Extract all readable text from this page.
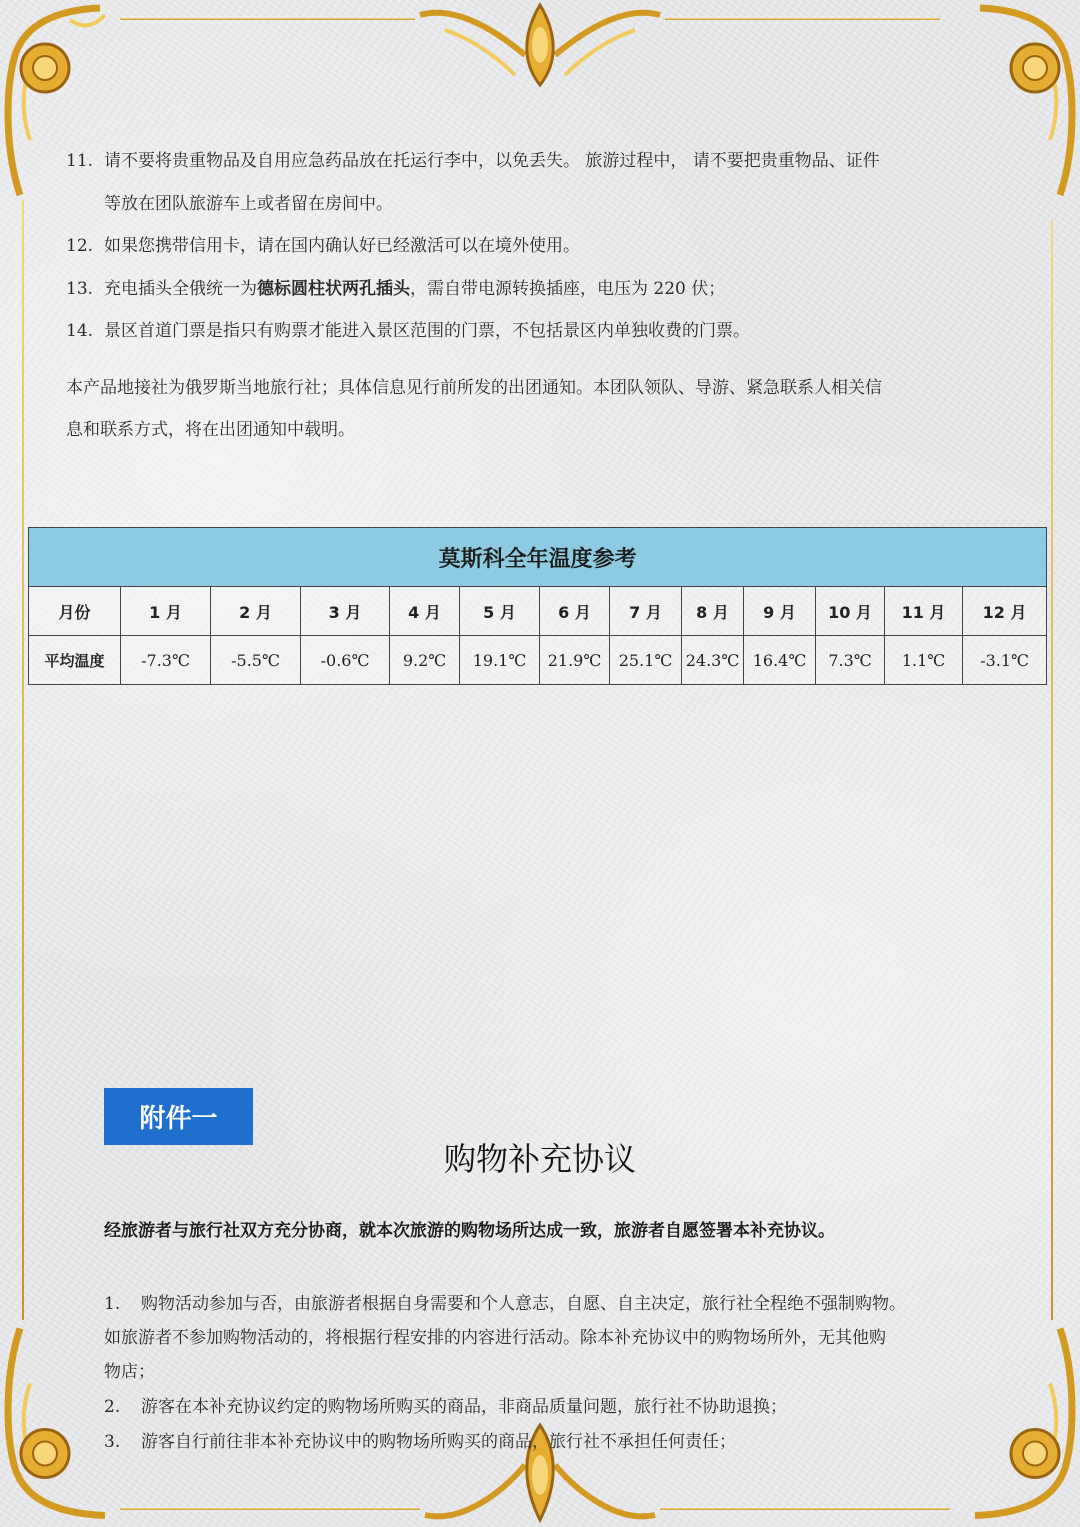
11. 请不要将贵重物品及自用应急药品放在托运行李中，以免丢失。 旅游过程中， 请不要把贵重物品、证件
等放在团队旅游车上或者留在房间中。
12. 如果您携带信用卡，请在国内确认好已经激活可以在境外使用。
13. 充电插头全俄统一为德标圆柱状两孔插头，需自带电源转换插座，电压为 220 伏；
14. 景区首道门票是指只有购票才能进入景区范围的门票，不包括景区内单独收费的门票。
本产品地接社为俄罗斯当地旅行社；具体信息见行前所发的出团通知。本团队领队、导游、紧急联系人相关信
息和联系方式，将在出团通知中载明。
莫斯科全年温度参考												
月份	1 月	2 月	3 月	4 月	5 月	6 月	7 月	8 月	9 月	10 月	11 月	12 月
平均温度	-7.3℃	-5.5℃	-0.6℃	9.2℃	19.1℃	21.9℃	25.1℃	24.3℃	16.4℃	7.3℃	1.1℃	-3.1℃
附件一
购物补充协议
经旅游者与旅行社双方充分协商，就本次旅游的购物场所达成一致，旅游者自愿签署本补充协议。
1. 购物活动参加与否，由旅游者根据自身需要和个人意志，自愿、自主决定，旅行社全程绝不强制购物。
如旅游者不参加购物活动的，将根据行程安排的内容进行活动。除本补充协议中的购物场所外，无其他购
物店；
2. 游客在本补充协议约定的购物场所购买的商品，非商品质量问题，旅行社不协助退换；
3. 游客自行前往非本补充协议中的购物场所购买的商品，旅行社不承担任何责任；
